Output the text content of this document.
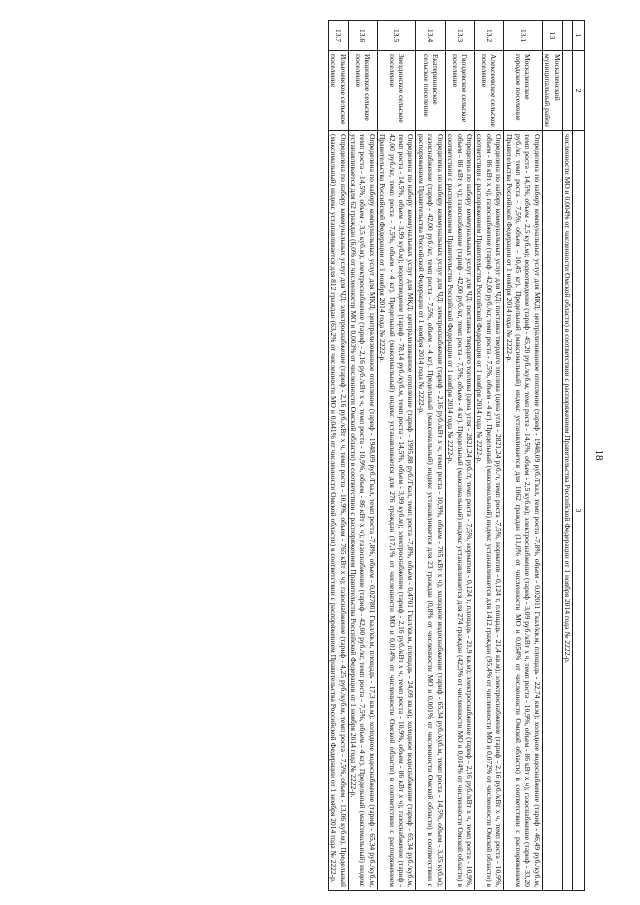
18
1	2	3
		численности МО и 0,004% от численности Омской области) в соответствии с распоряжением Правительства Российской Федерации от 1 ноября 2014 года № 2222-р.
13	Москаленский муниципальный район	
13.1	Москаленское городское поселение	Определена по набору коммунальных услуг для МКД: централизованное отопление (тариф - 1948,09 руб./Гкал, темп роста -7,8%, объем - 0,02011 Гкал/кв.м, площадь - 22,74 кв.м); холодное водоснабжение (тариф - 46,49 руб./куб.м, темп роста - 14,5%, объем - 2,5 куб.м); водоотведение (тариф - 45,20 руб./куб.м, темп роста - 14,5%, объем - 2,5 куб.м); электроснабжение (тариф - 3,09 руб./кВт х ч, темп роста - 10,9%, объем - 86 кВт х ч); газоснабжение (тариф - 33,20 руб./кг, темп роста - 7,5%, объем - 10,45 кг). Предельный (максимальный) индекс устанавливается для 1062 граждан (11,0% от численности МО и 0,054% от численности Омской области) в соответствии с распоряжением Правительства Российской Федерации от 1 ноября 2014 года № 2222-р.
13.2	Алексеевское сельское поселение	Определена по набору коммунальных услуг для ЧД: поставка твердого топлива (цена угля - 2821,24 руб./т, темп роста -7,5%, норматив - 0,124 т, площадь - 21,4 кв.м); электроснабжение (тариф - 2,16 руб./кВт х ч, темп роста - 10,9%, объем - 86 кВт х ч); газоснабжение (тариф - 42,00 руб./кг, темп роста - 7,5%, объем - 4 кг). Предельный (максимальный) индекс устанавливается для 1412 граждан (95,4% от численности МО и 0,072% от численности Омской области) в соответствии с распоряжением Правительства Российской Федерации от 1 ноября 2014 года № 2222-р.
13.3	Гвоздевское сельское поселение	Определена по набору коммунальных услуг для ЧД: поставка твердого топлива (цена угля - 2821,24 руб./т, темп роста - 7,5%, норматив - 0,124 т, площадь - 21,9 кв.м); электроснабжение (тариф - 2,16 руб./кВт х ч, темп роста - 10,9%, объем - 86 кВт х ч); газоснабжение (тариф - 42,00 руб./кг, темп роста - 7,5%, объем - 4 кг). Предельный (максимальный) индекс устанавливается для 274 граждан (42,3% от численности МО и 0,014% от численности Омской области) в соответствии с распоряжением Правительства Российской Федерации от 1 ноября 2014 года № 2222-р.
13.4	Екатериновское сельское поселение	Определена по набору коммунальных услуг для ЧД: электроснабжение (тариф - 2,16 руб./кВт х ч, темп роста - 10,9%, объем - 765 кВт х ч); холодное водоснабжение (тариф - 65,34 руб./куб.м, темп роста - 14,5%, объем - 3,35 куб.м); газоснабжение (тариф - 42,00 руб./кг, темп роста - 7,5%, объем - 4 кг). Предельный (максимальный) индекс устанавливается для 23 граждан (0,8% от численности МО и 0,001% от численности Омской области) в соответствии с распоряжением Правительства Российской Федерации от 1 ноября 2014 года № 2222-р.
13.5	Звездинское сельское поселение	Определена по набору коммунальных услуг для МКД: централизованное отопление (тариф - 1995,88 руб./Гкал, темп роста -7,8%, объем - 0,4701 Гкал/кв.м, площадь - 24,09 кв.м); холодное водоснабжение (тариф - 65,34 руб./куб.м, темп роста - 14,5%, объем - 3,99 куб.м); водоотведение (тариф - 78,14 руб./куб.м, темп роста - 14,5%, объем - 3,99 куб.м); электроснабжение (тариф - 2,16 руб./кВт х ч, темп роста - 10,9%, объем - 86 кВт х ч); газоснабжение (тариф - 42,00 руб./кг, темп роста - 7,5%, объем - 4 кг). Предельный (максимальный) индекс устанавливается для 276 граждан (17,1% от численности МО и 0,014% от численности Омской области) в соответствии с распоряжением Правительства Российской Федерации от 1 ноября 2014 года № 2222-р.
13.6	Ивановское сельское поселение	Определена по набору коммунальных услуг для МКД: централизованное отопление (тариф - 1948,09 руб./Гкал, темп роста -7,8%, объем - 0,027801 Гкал/кв.м, площадь - 17,3 кв.м); холодное водоснабжение (тариф - 65,34 руб./куб.м, темп роста - 14,5%, объем - 3,5 куб.м); электроснабжение (тариф - 2,16 руб./кВт х ч, темп роста - 10,9%, объем - 86 кВт х ч); газоснабжение (тариф - 42,00 руб./кг, темп роста - 7,5%, объем - 4 кг). Предельный (максимальный) индекс устанавливается для 62 граждан (6,0% от численности МО и 0,003% от численности Омской области) в соответствии с распоряжением Правительства Российской Федерации от 1 ноября 2014 года № 2222-р.
13.7	Ильичевское сельское поселение	Определена по набору коммунальных услуг для ЧД: электроснабжение (тариф - 2,16 руб./кВт х ч, темп роста - 10,9%, объем - 765 кВт х ч); газоснабжение (тариф - 4,25 руб./куб.м, темп роста - 7,5%, объем - 13,06 куб.м). Предельный (максимальный) индекс устанавливается для 812 граждан (63,2% от численности МО и 0,041% от численности Омской области) в соответствии с распоряжением Правительства Российской Федерации от 1 ноября 2014 года № 2222-р.
